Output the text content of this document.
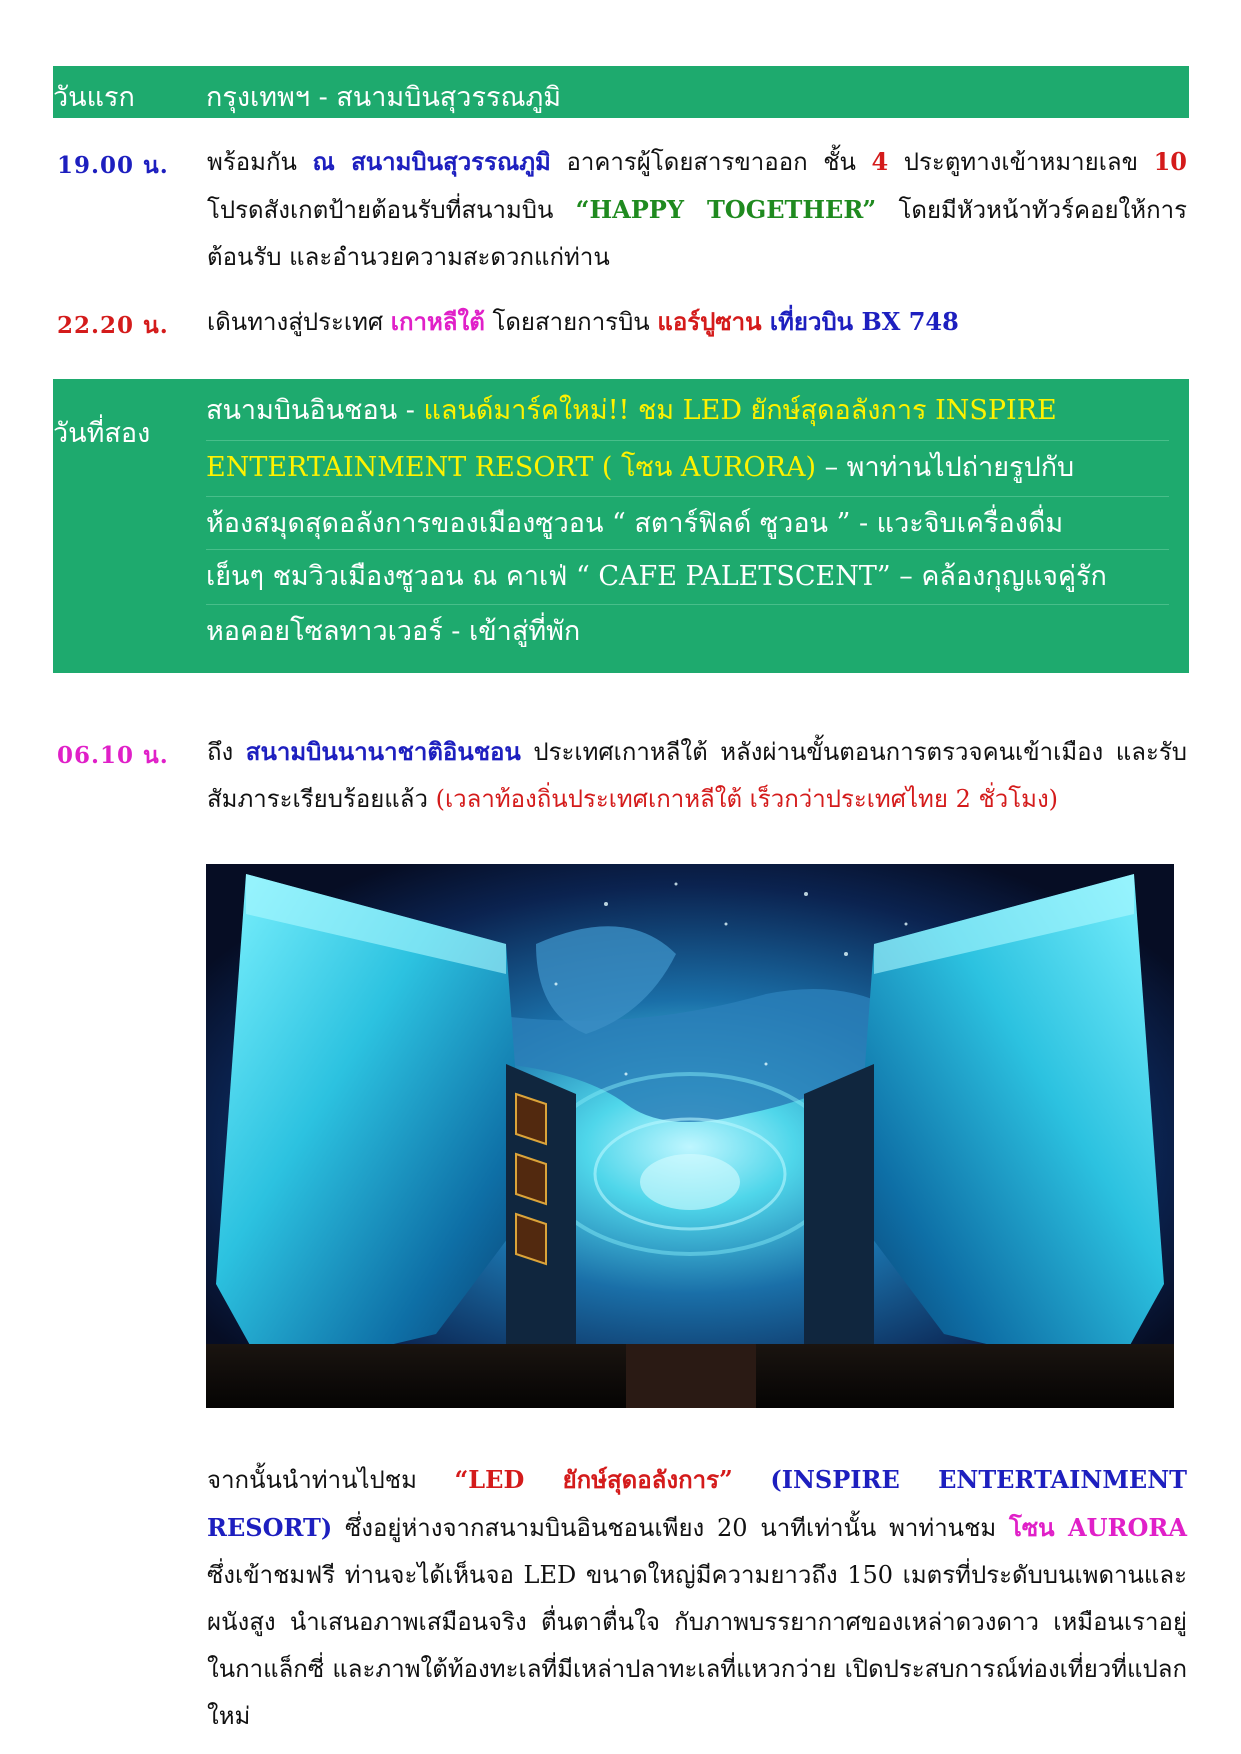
วันแรก	กรุงเทพฯ - สนามบินสุวรรณภูมิ
19.00 น. พร้อมกัน ณ สนามบินสุวรรณภูมิ อาคารผู้โดยสารขาออก ชั้น 4 ประตูทางเข้าหมายเลข 10 โปรดสังเกตป้ายต้อนรับที่สนามบิน “HAPPY TOGETHER” โดยมีหัวหน้าทัวร์คอยให้การต้อนรับ และอำนวยความสะดวกแก่ท่าน

22.20 น. เดินทางสู่ประเทศ เกาหลีใต้ โดยสายการบิน แอร์ปูซาน เที่ยวบิน BX 748

วันที่สอง
สนามบินอินชอน - แลนด์มาร์คใหม่!! ชม LED ยักษ์สุดอลังการ INSPIRE
ENTERTAINMENT RESORT ( โซน AURORA) – พาท่านไปถ่ายรูปกับ
ห้องสมุดสุดอลังการของเมืองซูวอน “ สตาร์ฟิลด์ ซูวอน ” - แวะจิบเครื่องดื่ม
เย็นๆ ชมวิวเมืองซูวอน ณ คาเฟ่ “ CAFE PALETSCENT” – คล้องกุญแจคู่รัก
หอคอยโซลทาวเวอร์ - เข้าสู่ที่พัก
06.10 น. ถึง สนามบินนานาชาติอินชอน ประเทศเกาหลีใต้ หลังผ่านขั้นตอนการตรวจคนเข้าเมือง และรับสัมภาระเรียบร้อยแล้ว (เวลาท้องถิ่นประเทศเกาหลีใต้ เร็วกว่าประเทศไทย 2 ชั่วโมง)

จากนั้นนำท่านไปชม “LED ยักษ์สุดอลังการ” (INSPIRE ENTERTAINMENT RESORT) ซึ่งอยู่ห่างจากสนามบินอินชอนเพียง 20 นาทีเท่านั้น พาท่านชม โซน AURORA ซึ่งเข้าชมฟรี ท่านจะได้เห็นจอ LED ขนาดใหญ่มีความยาวถึง 150 เมตรที่ประดับบนเพดานและผนังสูง นำเสนอภาพเสมือนจริง ตื่นตาตื่นใจ กับภาพบรรยากาศของเหล่าดวงดาว เหมือนเราอยู่ในกาแล็กซี่ และภาพใต้ท้องทะเลที่มีเหล่าปลาทะเลที่แหวกว่าย เปิดประสบการณ์ท่องเที่ยวที่แปลกใหม่
